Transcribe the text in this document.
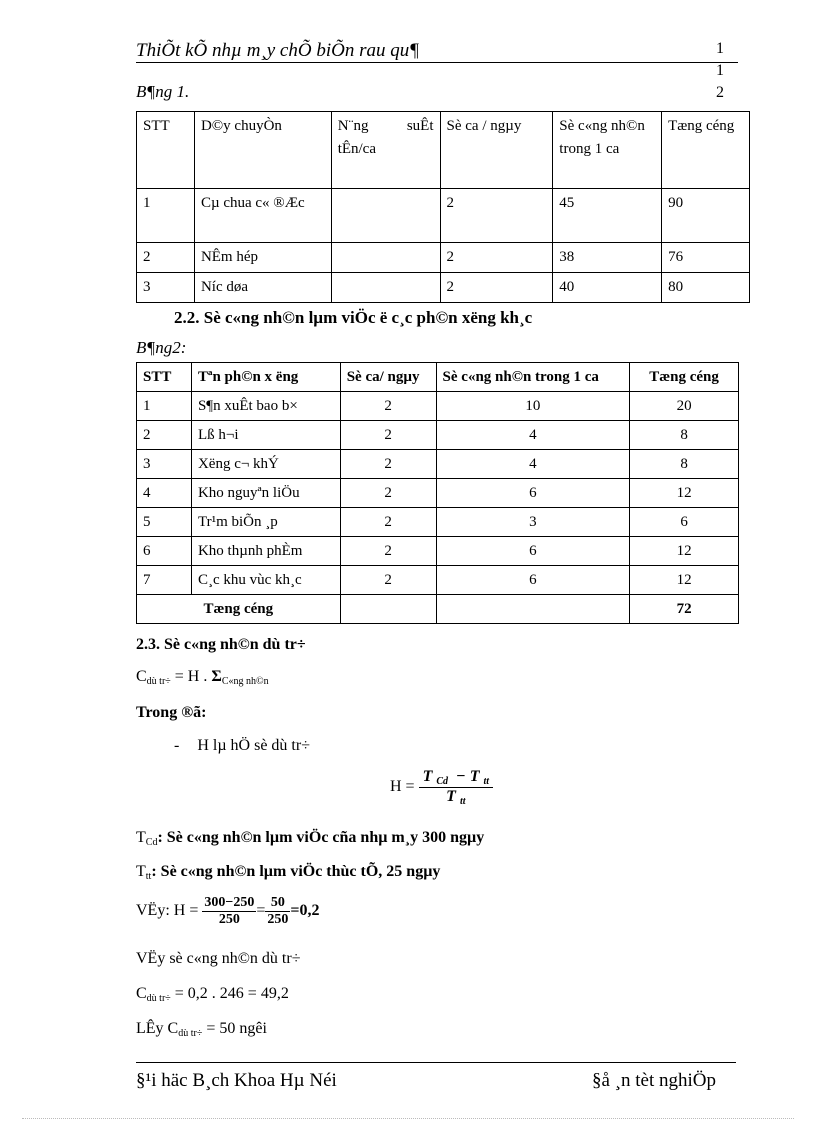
ThiÕt kÕ nhµ m¸y chÕ biÕn rau qu¶	1
1
2
B¶ng 1.
STT	D©y chuyÒn	N¨ng suÊt tÊn/ca	Sè ca / ngµy	Sè c«ng nh©n trong 1 ca	Tæng céng
1	Cµ chua c« ®Æc		2	45	90
2	NÊm hép		2	38	76
3	Níc døa		2	40	80
2.2. Sè c«ng nh©n lµm viÖc ë c¸c ph©n xëng kh¸c
B¶ng2:
STT	Tªn ph©n x ëng	Sè ca/ ngµy	Sè c«ng nh©n trong 1 ca	Tæng céng
1	S¶n xuÊt bao b×	2	10	20
2	Lß h¬i	2	4	8
3	Xëng c¬ khÝ	2	4	8
4	Kho nguyªn liÖu	2	6	12
5	Tr¹m biÕn ¸p	2	3	6
6	Kho thµnh phÈm	2	6	12
7	C¸c khu vùc kh¸c	2	6	12
Tæng céng				72
2.3. Sè c«ng nh©n dù tr÷
$C_{dù tr\div} = H$ . $\Sigma_{C«ng nh©n}$
Trong ®ã:
- H lµ hÖ sè dù tr÷
$H = \frac{T _{Cd} - T _{tt}}{T _{tt}}$
$T_{Cd}$: Sè c«ng nh©n lµm viÖc cña nhµ m¸y 300 ngµy
$T_{tt}$: Sè c«ng nh©n lµm viÖc thùc tÕ, 25 ngµy
VËy: $H = \frac{300-250}{250} = \frac{50}{250} =0,2$
VËy sè c«ng nh©n dù tr÷
$C_{dù tr\div} = 0,2$ . 246 = 49,2
LÊy $C_{dù tr\div} = 50$ ngêi
§¹i häc B¸ch Khoa Hµ Néi	§å ¸n tèt nghiÖp
